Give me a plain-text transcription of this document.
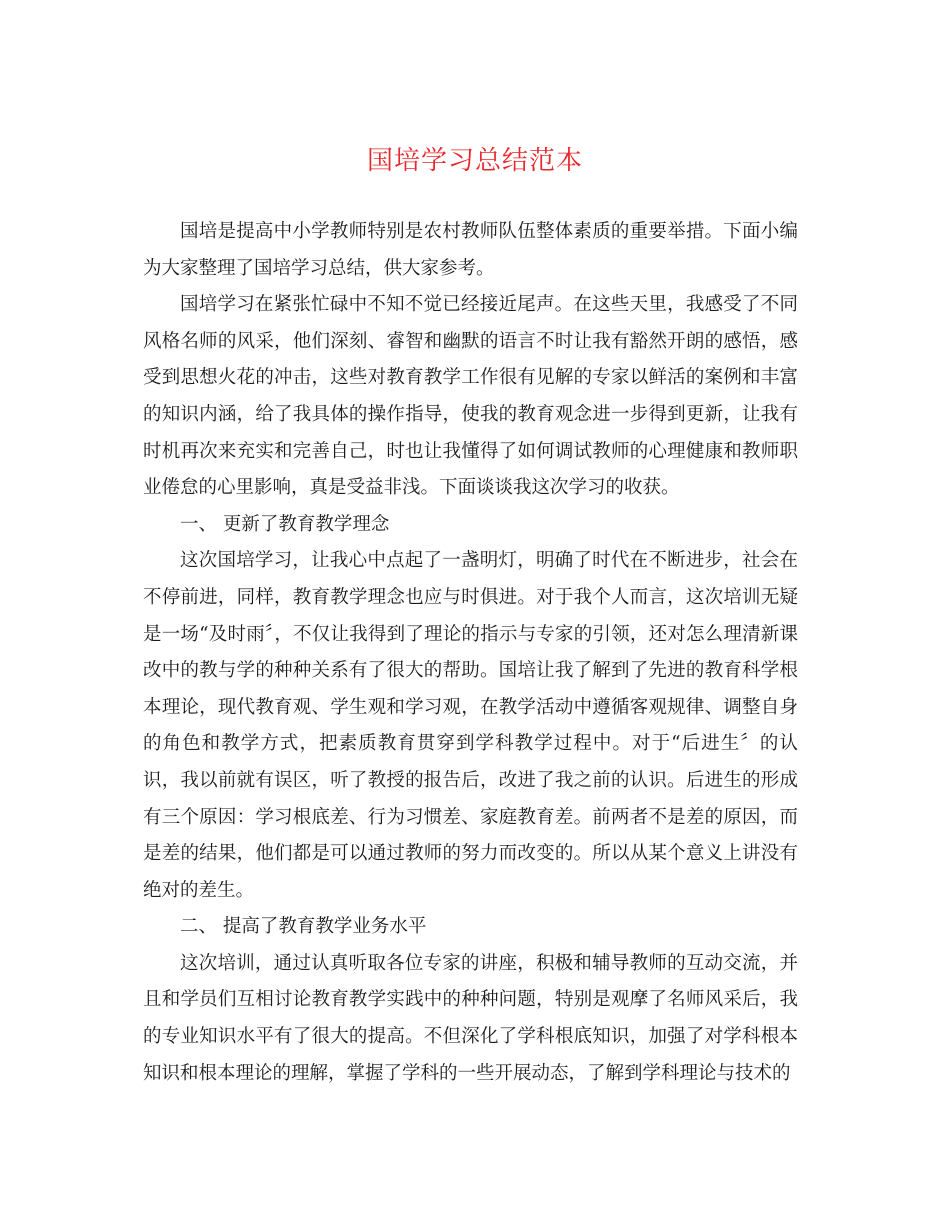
国培学习总结范本

国培是提高中小学教师特别是农村教师队伍整体素质的重要举措。下面小编为大家整理了国培学习总结，供大家参考。

国培学习在紧张忙碌中不知不觉已经接近尾声。在这些天里，我感受了不同风格名师的风采，他们深刻、睿智和幽默的语言不时让我有豁然开朗的感悟，感受到思想火花的冲击，这些对教育教学工作很有见解的专家以鲜活的案例和丰富的知识内涵，给了我具体的操作指导，使我的教育观念进一步得到更新，让我有时机再次来充实和完善自己，时也让我懂得了如何调试教师的心理健康和教师职业倦怠的心里影响，真是受益非浅。下面谈谈我这次学习的收获。

一、 更新了教育教学理念

这次国培学习，让我心中点起了一盏明灯，明确了时代在不断进步，社会在不停前进，同样，教育教学理念也应与时俱进。对于我个人而言，这次培训无疑是一场“及时雨〞，不仅让我得到了理论的指示与专家的引领，还对怎么理清新课改中的教与学的种种关系有了很大的帮助。国培让我了解到了先进的教育科学根本理论，现代教育观、学生观和学习观，在教学活动中遵循客观规律、调整自身的角色和教学方式，把素质教育贯穿到学科教学过程中。对于“后进生〞的认识，我以前就有误区，听了教授的报告后，改进了我之前的认识。后进生的形成有三个原因：学习根底差、行为习惯差、家庭教育差。前两者不是差的原因，而是差的结果，他们都是可以通过教师的努力而改变的。所以从某个意义上讲没有绝对的差生。

二、 提高了教育教学业务水平

这次培训，通过认真听取各位专家的讲座，积极和辅导教师的互动交流，并且和学员们互相讨论教育教学实践中的种种问题，特别是观摩了名师风采后，我的专业知识水平有了很大的提高。不但深化了学科根底知识，加强了对学科根本知识和根本理论的理解，掌握了学科的一些开展动态，了解到学科理论与技术的
